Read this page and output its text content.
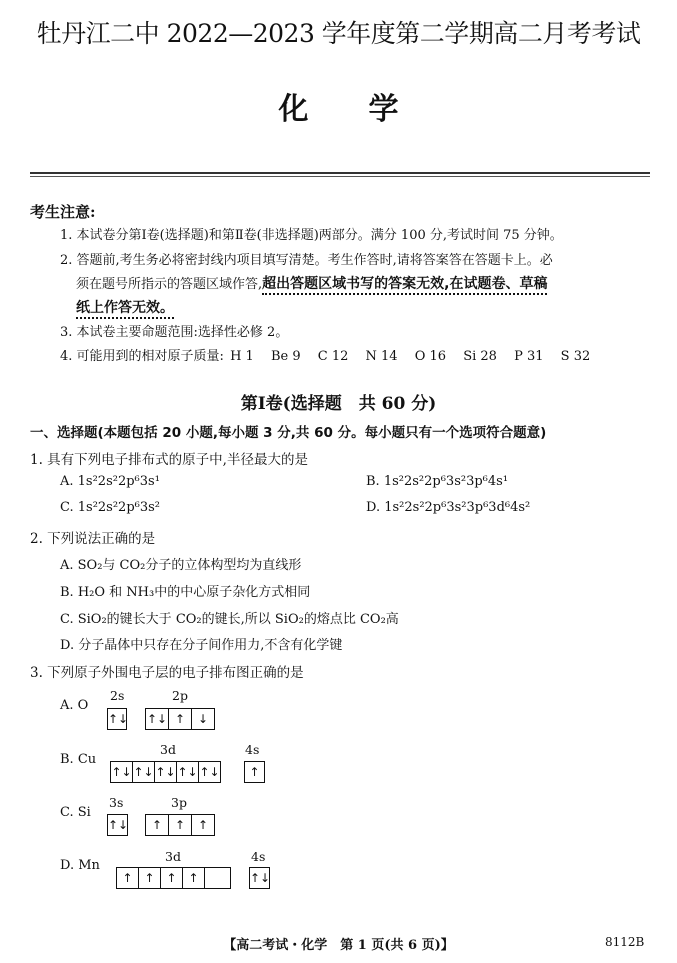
牡丹江二中 2022—2023 学年度第二学期高二月考考试
化学
考生注意:
1. 本试卷分第Ⅰ卷(选择题)和第Ⅱ卷(非选择题)两部分。满分 100 分,考试时间 75 分钟。
2. 答题前,考生务必将密封线内项目填写清楚。考生作答时,请将答案答在答题卡上。必
须在题号所指示的答题区域作答,超出答题区域书写的答案无效,在试题卷、草稿
纸上作答无效。
3. 本试卷主要命题范围:选择性必修 2。
4. 可能用到的相对原子质量: H 1 Be 9 C 12 N 14 O 16 Si 28 P 31 S 32
第Ⅰ卷(选择题　共 60 分)
一、选择题(本题包括 20 小题,每小题 3 分,共 60 分。每小题只有一个选项符合题意)
1. 具有下列电子排布式的原子中,半径最大的是
A. 1s²2s²2p⁶3s¹	B. 1s²2s²2p⁶3s²3p⁶4s¹
C. 1s²2s²2p⁶3s²	D. 1s²2s²2p⁶3s²3p⁶3d⁶4s²
2. 下列说法正确的是
A. SO₂与 CO₂分子的立体构型均为直线形
B. H₂O 和 NH₃中的中心原子杂化方式相同
C. SiO₂的键长大于 CO₂的键长,所以 SiO₂的熔点比 CO₂高
D. 分子晶体中只存在分子间作用力,不含有化学键
3. 下列原子外围电子层的电子排布图正确的是
A. O
2s	2p
↑↓ ↑↓ ↑	↓
B. Cu
3d	4s
↑↓ ↑↓ ↑↓ ↑↓ ↑↓	↑
C. Si
3s	3p
↑↓	↑	↑	↑
D. Mn
3d	4s
↑ ↑ ↑ ↑	↑↓
【高二考试・化学　第 1 页(共 6 页)】	8112B
